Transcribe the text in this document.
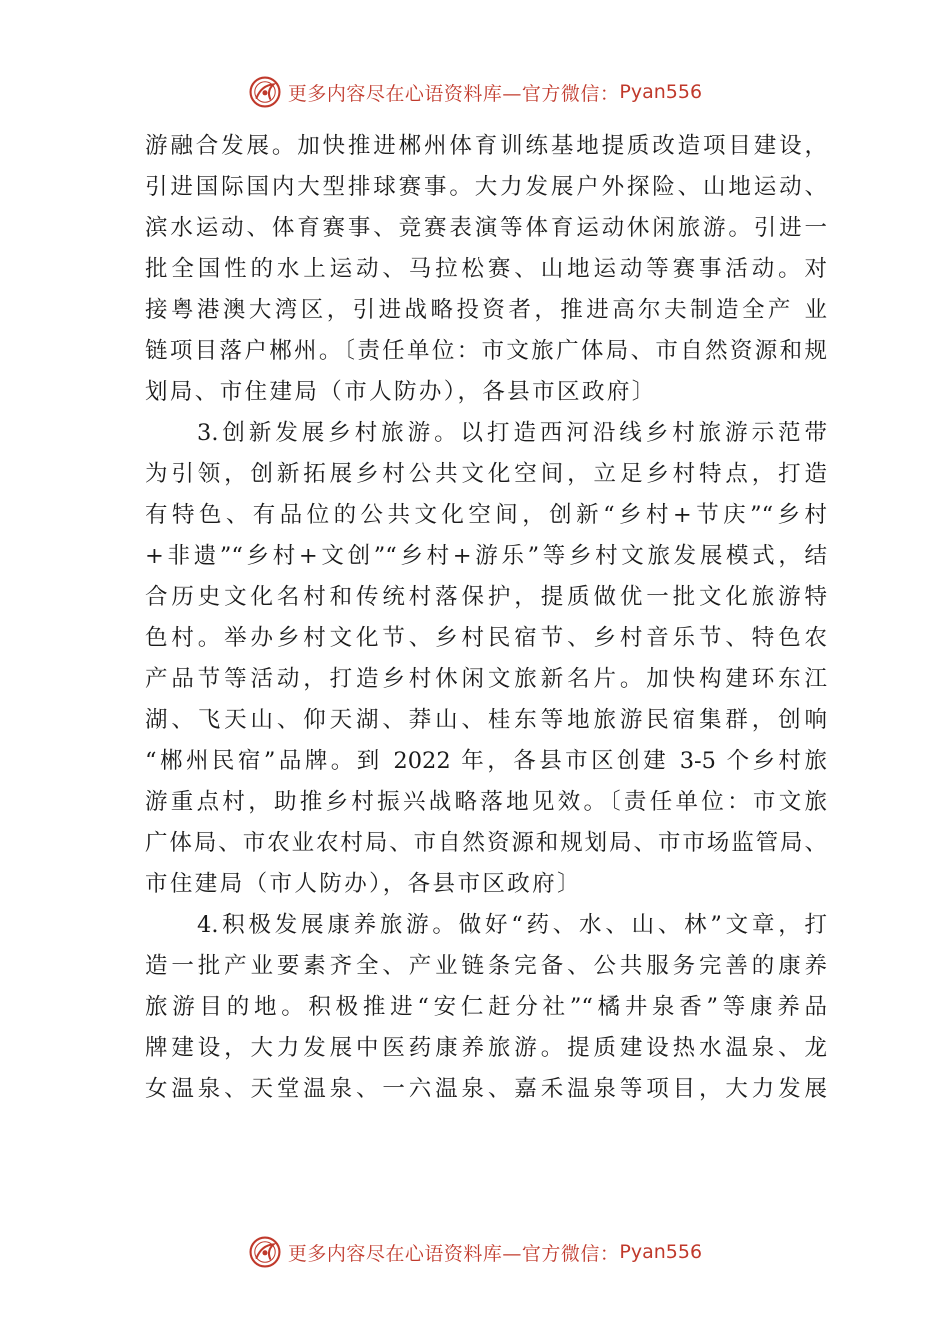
更多内容尽在心语资料库—官方微信： Pyan556
游融合发展。加快推进郴州体育训练基地提质改造项目建设，
引进国际国内大型排球赛事。大力发展户外探险、山地运动、
滨水运动、体育赛事、竞赛表演等体育运动休闲旅游。引进一
批全国性的水上运动、马拉松赛、山地运动等赛事活动。对
接粤港澳大湾区，引进战略投资者，推进高尔夫制造全产 业
链项目落户郴州。〔责任单位：市文旅广体局、市自然资源和规
划局、市住建局（市人防办），各县市区政府〕
3.创新发展乡村旅游。以打造西河沿线乡村旅游示范带
为引领，创新拓展乡村公共文化空间，立足乡村特点，打造
有特色、有品位的公共文化空间，创新“乡村+节庆”“乡村
+非遗”“乡村+文创”“乡村+游乐”等乡村文旅发展模式，结
合历史文化名村和传统村落保护，提质做优一批文化旅游特
色村。举办乡村文化节、乡村民宿节、乡村音乐节、特色农
产品节等活动，打造乡村休闲文旅新名片。加快构建环东江
湖、飞天山、仰天湖、莽山、桂东等地旅游民宿集群，创响
“郴州民宿”品牌。到 2022 年，各县市区创建 3-5 个乡村旅
游重点村，助推乡村振兴战略落地见效。〔责任单位：市文旅
广体局、市农业农村局、市自然资源和规划局、市市场监管局、
市住建局（市人防办），各县市区政府〕
4.积极发展康养旅游。做好“药、水、山、林”文章，打
造一批产业要素齐全、产业链条完备、公共服务完善的康养
旅游目的地。积极推进“安仁赶分社”“橘井泉香”等康养品
牌建设，大力发展中医药康养旅游。提质建设热水温泉、龙
女温泉、天堂温泉、一六温泉、嘉禾温泉等项目，大力发展
更多内容尽在心语资料库—官方微信： Pyan556
